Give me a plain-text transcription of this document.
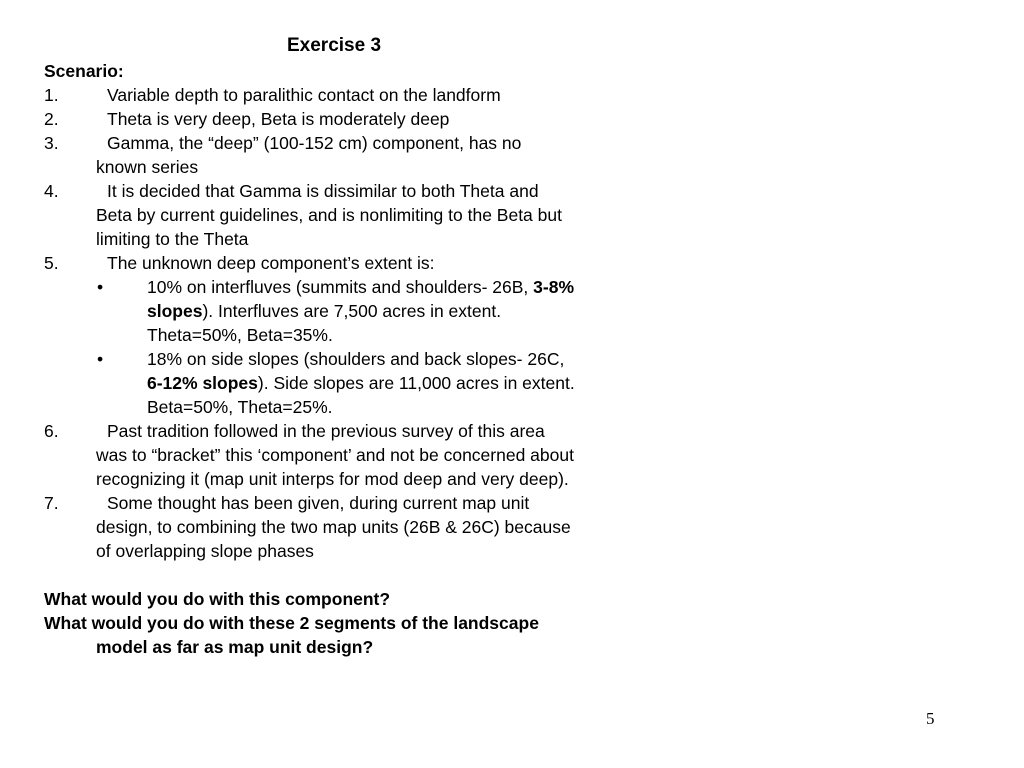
Exercise 3
Scenario:
1.	Variable depth to paralithic contact on the landform
2.	Theta is very deep, Beta is moderately deep
3.	Gamma, the “deep” (100-152 cm) component, has no
known series
4.	It is decided that Gamma is dissimilar to both Theta and
Beta by current guidelines, and is nonlimiting to the Beta but
limiting to the Theta
5.	The unknown deep component’s extent is:
•	10% on interfluves (summits and shoulders- 26B, 3-8%
slopes). Interfluves are 7,500 acres in extent.
Theta=50%, Beta=35%.
•	18% on side slopes (shoulders and back slopes- 26C,
6-12% slopes). Side slopes are 11,000 acres in extent.
Beta=50%, Theta=25%.
6.	Past tradition followed in the previous survey of this area
was to “bracket” this ‘component’ and not be concerned about
recognizing it (map unit interps for mod deep and very deep).
7.	Some thought has been given, during current map unit
design, to combining the two map units (26B & 26C) because
of overlapping slope phases
What would you do with this component?
What would you do with these 2 segments of the landscape
model as far as map unit design?
5
